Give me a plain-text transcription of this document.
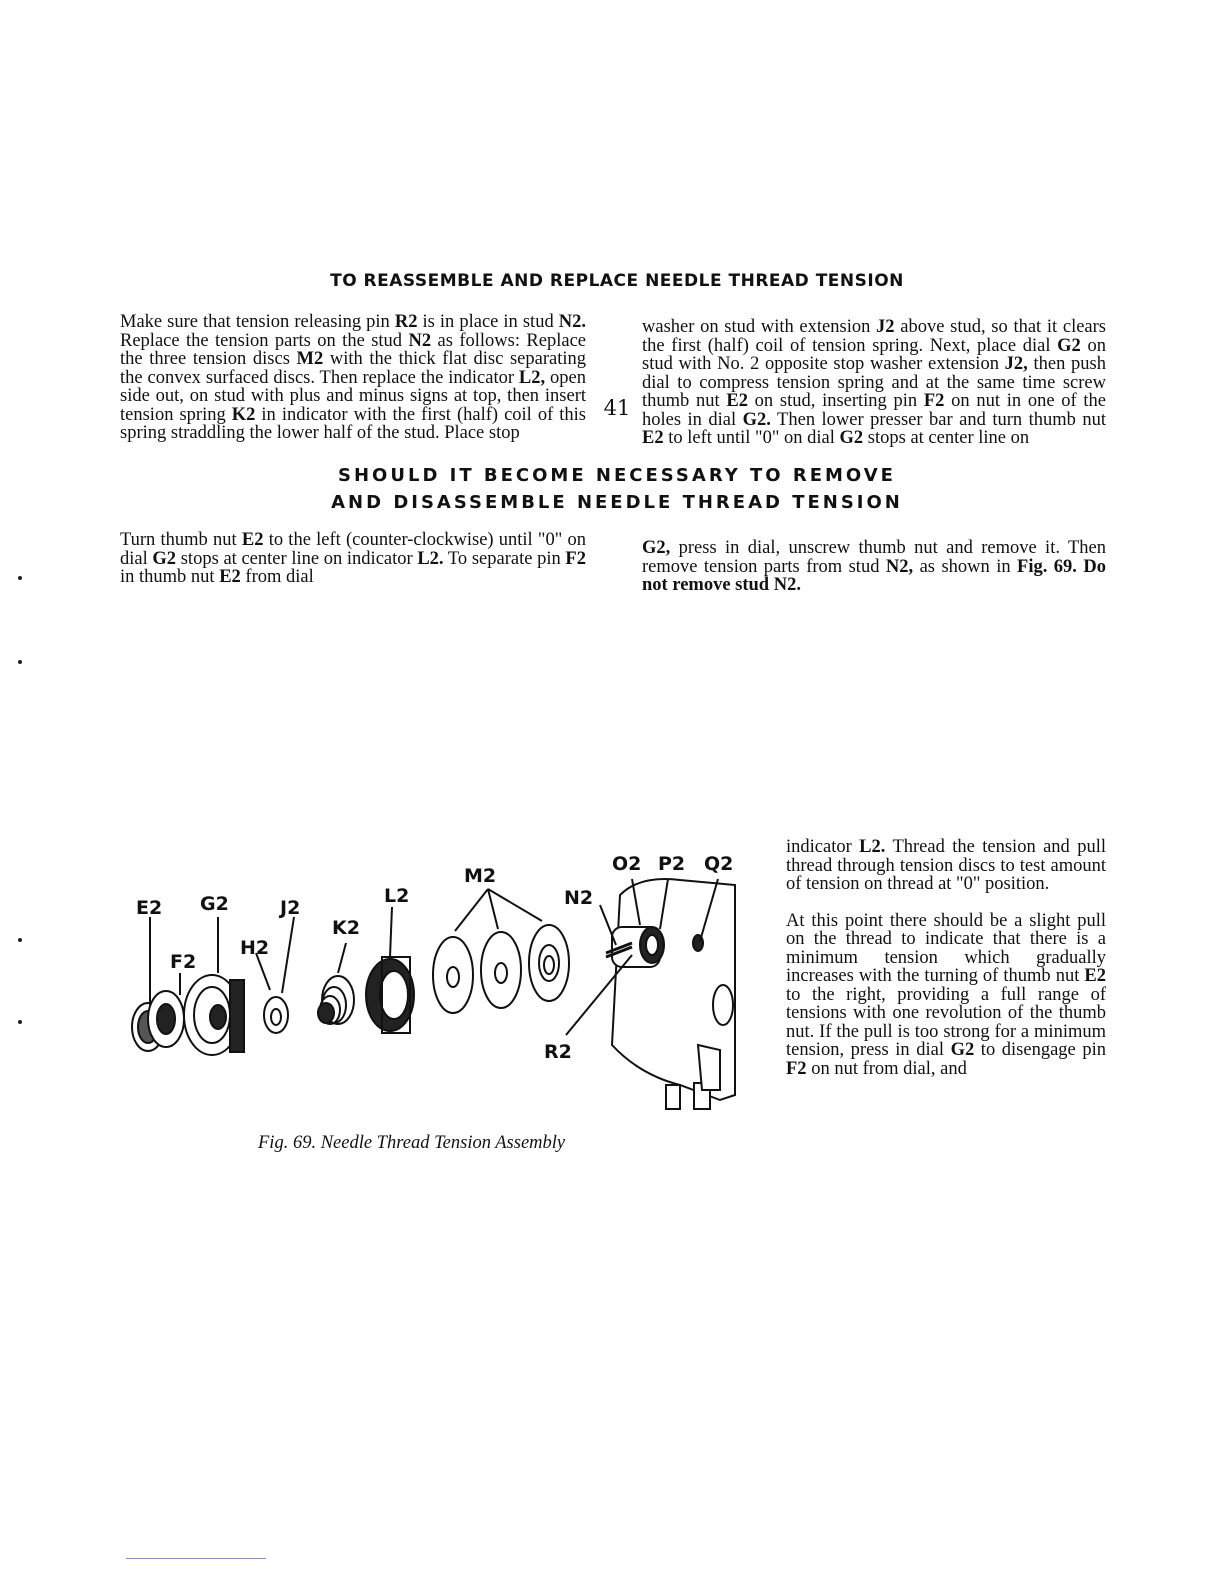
41
SHOULD IT BECOME NECESSARY TO REMOVE
AND DISASSEMBLE NEEDLE THREAD TENSION

Turn thumb nut E2 to the left (counter-clockwise) until "0" on dial G2 stops at center line on indicator L2. To separate pin F2 in thumb nut E2 from dial

G2, press in dial, unscrew thumb nut and remove it. Then remove tension parts from stud N2, as shown in Fig. 69. Do not remove stud N2.

TO REASSEMBLE AND REPLACE NEEDLE THREAD TENSION

Make sure that tension releasing pin R2 is in place in stud N2. Replace the tension parts on the stud N2 as follows: Replace the three tension discs M2 with the thick flat disc separating the convex surfaced discs. Then replace the indicator L2, open side out, on stud with plus and minus signs at top, then insert tension spring K2 in indicator with the first (half) coil of this spring straddling the lower half of the stud. Place stop

washer on stud with extension J2 above stud, so that it clears the first (half) coil of tension spring. Next, place dial G2 on stud with No. 2 opposite stop washer extension J2, then push dial to compress tension spring and at the same time screw thumb nut E2 on stud, inserting pin F2 on nut in one of the holes in dial G2. Then lower presser bar and turn thumb nut E2 to left until "0" on dial G2 stops at center line on

indicator L2. Thread the tension and pull thread through tension discs to test amount of tension on thread at "0" position.

At this point there should be a slight pull on the thread to indicate that there is a minimum tension which gradually increases with the turning of thumb nut E2 to the right, providing a full range of tensions with one revolution of the thumb nut. If the pull is too strong for a minimum tension, press in dial G2 to disengage pin F2 on nut from dial, and

E2
F2
G2
H2
J2
K2
L2
M2
N2
O2 P2 Q2
R2
Fig. 69. Needle Thread Tension Assembly
